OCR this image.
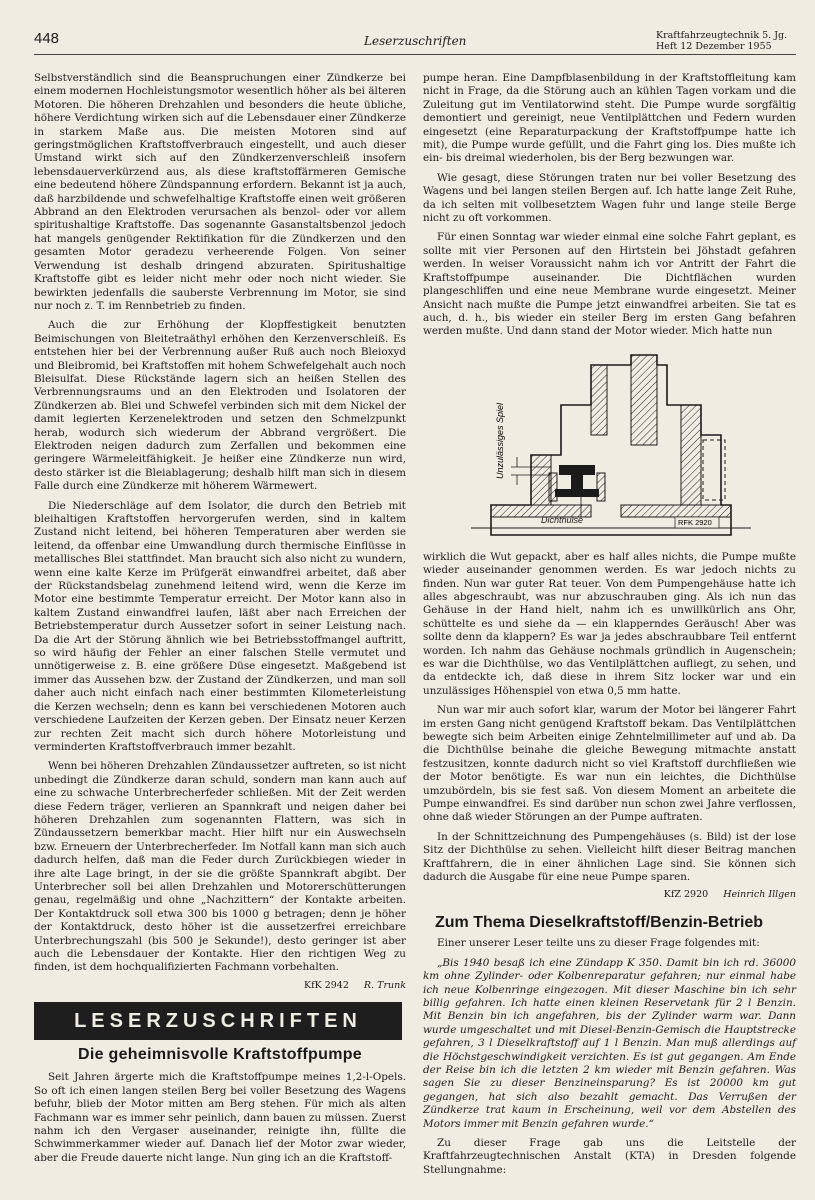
448	Leserzuschriften	Kraftfahrzeugtechnik 5. Jg.
Heft 12 Dezember 1955

Selbstverständlich sind die Beanspruchungen einer Zündkerze bei einem modernen Hochleistungsmotor wesentlich höher als bei älteren Motoren. Die höheren Drehzahlen und besonders die heute übliche, höhere Verdichtung wirken sich auf die Lebensdauer einer Zündkerze in starkem Maße aus. Die meisten Motoren sind auf geringstmöglichen Kraftstoffverbrauch eingestellt, und auch dieser Umstand wirkt sich auf den Zündkerzenverschleiß insofern lebensdauerverkürzend aus, als diese kraftstoffärmeren Gemische eine bedeutend höhere Zündspannung erfordern. Bekannt ist ja auch, daß harzbildende und schwefelhaltige Kraftstoffe einen weit größeren Abbrand an den Elektroden verursachen als benzol- oder vor allem spiritushaltige Kraftstoffe. Das sogenannte Gasanstaltsbenzol jedoch hat mangels genügender Rektifikation für die Zündkerzen und den gesamten Motor geradezu verheerende Folgen. Von seiner Verwendung ist deshalb dringend abzuraten. Spiritushaltige Kraftstoffe gibt es leider nicht mehr oder noch nicht wieder. Sie bewirkten jedenfalls die sauberste Verbrennung im Motor, sie sind nur noch z. T. im Rennbetrieb zu finden.

Auch die zur Erhöhung der Klopffestigkeit benutzten Beimischungen von Bleitetraäthyl erhöhen den Kerzenverschleiß. Es entstehen hier bei der Verbrennung außer Ruß auch noch Bleioxyd und Bleibromid, bei Kraftstoffen mit hohem Schwefelgehalt auch noch Bleisulfat. Diese Rückstände lagern sich an heißen Stellen des Verbrennungsraums und an den Elektroden und Isolatoren der Zündkerzen ab. Blei und Schwefel verbinden sich mit dem Nickel der damit legierten Kerzenelektroden und setzen den Schmelzpunkt herab, wodurch sich wiederum der Abbrand vergrößert. Die Elektroden neigen dadurch zum Zerfallen und bekommen eine geringere Wärmeleitfähigkeit. Je heißer eine Zündkerze nun wird, desto stärker ist die Bleiablagerung; deshalb hilft man sich in diesem Falle durch eine Zündkerze mit höherem Wärmewert.

Die Niederschläge auf dem Isolator, die durch den Betrieb mit bleihaltigen Kraftstoffen hervorgerufen werden, sind in kaltem Zustand nicht leitend, bei höheren Temperaturen aber werden sie leitend, da offenbar eine Umwandlung durch thermische Einflüsse in metallisches Blei stattfindet. Man braucht sich also nicht zu wundern, wenn eine kalte Kerze im Prüfgerät einwandfrei arbeitet, daß aber der Rückstandsbelag zunehmend leitend wird, wenn die Kerze im Motor eine bestimmte Temperatur erreicht. Der Motor kann also in kaltem Zustand einwandfrei laufen, läßt aber nach Erreichen der Betriebstemperatur durch Aussetzer sofort in seiner Leistung nach. Da die Art der Störung ähnlich wie bei Betriebsstoffmangel auftritt, so wird häufig der Fehler an einer falschen Stelle vermutet und unnötigerweise z. B. eine größere Düse eingesetzt. Maßgebend ist immer das Aussehen bzw. der Zustand der Zündkerzen, und man soll daher auch nicht einfach nach einer bestimmten Kilometerleistung die Kerzen wechseln; denn es kann bei verschiedenen Motoren auch verschiedene Laufzeiten der Kerzen geben. Der Einsatz neuer Kerzen zur rechten Zeit macht sich durch höhere Motorleistung und verminderten Kraftstoffverbrauch immer bezahlt.

Wenn bei höheren Drehzahlen Zündaussetzer auftreten, so ist nicht unbedingt die Zündkerze daran schuld, sondern man kann auch auf eine zu schwache Unterbrecherfeder schließen. Mit der Zeit werden diese Federn träger, verlieren an Spannkraft und neigen daher bei höheren Drehzahlen zum sogenannten Flattern, was sich in Zündaussetzern bemerkbar macht. Hier hilft nur ein Auswechseln bzw. Erneuern der Unterbrecherfeder. Im Notfall kann man sich auch dadurch helfen, daß man die Feder durch Zurückbiegen wieder in ihre alte Lage bringt, in der sie die größte Spannkraft abgibt. Der Unterbrecher soll bei allen Drehzahlen und Motorerschütterungen genau, regelmäßig und ohne „Nachzittern“ der Kontakte arbeiten. Der Kontaktdruck soll etwa 300 bis 1000 g betragen; denn je höher der Kontaktdruck, desto höher ist die aussetzerfrei erreichbare Unterbrechungszahl (bis 500 je Sekunde!), desto geringer ist aber auch die Lebensdauer der Kontakte. Hier den richtigen Weg zu finden, ist dem hochqualifizierten Fachmann vorbehalten.

KfK 2942 R. Trunk
LESERZUSCHRIFTEN
Die geheimnisvolle Kraftstoffpumpe

Seit Jahren ärgerte mich die Kraftstoffpumpe meines 1,2-l-Opels. So oft ich einen langen steilen Berg bei voller Besetzung des Wagens befuhr, blieb der Motor mitten am Berg stehen. Für mich als alten Fachmann war es immer sehr peinlich, dann bauen zu müssen. Zuerst nahm ich den Vergaser auseinander, reinigte ihn, füllte die Schwimmerkammer wieder auf. Danach lief der Motor zwar wieder, aber die Freude dauerte nicht lange. Nun ging ich an die Kraftstoff-

pumpe heran. Eine Dampfblasenbildung in der Kraftstoffleitung kam nicht in Frage, da die Störung auch an kühlen Tagen vorkam und die Zuleitung gut im Ventilatorwind steht. Die Pumpe wurde sorgfältig demontiert und gereinigt, neue Ventilplättchen und Federn wurden eingesetzt (eine Reparaturpackung der Kraftstoffpumpe hatte ich mit), die Pumpe wurde gefüllt, und die Fahrt ging los. Dies mußte ich ein- bis dreimal wiederholen, bis der Berg bezwungen war.

Wie gesagt, diese Störungen traten nur bei voller Besetzung des Wagens und bei langen steilen Bergen auf. Ich hatte lange Zeit Ruhe, da ich selten mit vollbesetztem Wagen fuhr und lange steile Berge nicht zu oft vorkommen.

Für einen Sonntag war wieder einmal eine solche Fahrt geplant, es sollte mit vier Personen auf den Hirtstein bei Jöhstadt gefahren werden. In weiser Voraussicht nahm ich vor Antritt der Fahrt die Kraftstoffpumpe auseinander. Die Dichtflächen wurden plangeschliffen und eine neue Membrane wurde eingesetzt. Meiner Ansicht nach mußte die Pumpe jetzt einwandfrei arbeiten. Sie tat es auch, d. h., bis wieder ein steiler Berg im ersten Gang befahren werden mußte. Und dann stand der Motor wieder. Mich hatte nun

Unzulässiges Spiel
Dichthülse	RFK 2920

wirklich die Wut gepackt, aber es half alles nichts, die Pumpe mußte wieder auseinander genommen werden. Es war jedoch nichts zu finden. Nun war guter Rat teuer. Von dem Pumpengehäuse hatte ich alles abgeschraubt, was nur abzuschrauben ging. Als ich nun das Gehäuse in der Hand hielt, nahm ich es unwillkürlich ans Ohr, schüttelte es und siehe da — ein klapperndes Geräusch! Aber was sollte denn da klappern? Es war ja jedes abschraubbare Teil entfernt worden. Ich nahm das Gehäuse nochmals gründlich in Augenschein; es war die Dichthülse, wo das Ventilplättchen aufliegt, zu sehen, und da entdeckte ich, daß diese in ihrem Sitz locker war und ein unzulässiges Höhenspiel von etwa 0,5 mm hatte.

Nun war mir auch sofort klar, warum der Motor bei längerer Fahrt im ersten Gang nicht genügend Kraftstoff bekam. Das Ventilplättchen bewegte sich beim Arbeiten einige Zehntelmillimeter auf und ab. Da die Dichthülse beinahe die gleiche Bewegung mitmachte anstatt festzusitzen, konnte dadurch nicht so viel Kraftstoff durchfließen wie der Motor benötigte. Es war nun ein leichtes, die Dichthülse umzubördeln, bis sie fest saß. Von diesem Moment an arbeitete die Pumpe einwandfrei. Es sind darüber nun schon zwei Jahre verflossen, ohne daß wieder Störungen an der Pumpe auftraten.

In der Schnittzeichnung des Pumpengehäuses (s. Bild) ist der lose Sitz der Dichthülse zu sehen. Vielleicht hilft dieser Beitrag manchen Kraftfahrern, die in einer ähnlichen Lage sind. Sie können sich dadurch die Ausgabe für eine neue Pumpe sparen.

KfZ 2920 Heinrich Illgen
Zum Thema Dieselkraftstoff/Benzin-Betrieb

Einer unserer Leser teilte uns zu dieser Frage folgendes mit:

„Bis 1940 besaß ich eine Zündapp K 350. Damit bin ich rd. 36000 km ohne Zylinder- oder Kolbenreparatur gefahren; nur einmal habe ich neue Kolbenringe eingezogen. Mit dieser Maschine bin ich sehr billig gefahren. Ich hatte einen kleinen Reservetank für 2 l Benzin. Mit Benzin bin ich angefahren, bis der Zylinder warm war. Dann wurde umgeschaltet und mit Diesel-Benzin-Gemisch die Hauptstrecke gefahren, 3 l Dieselkraftstoff auf 1 l Benzin. Man muß allerdings auf die Höchstgeschwindigkeit verzichten. Es ist gut gegangen. Am Ende der Reise bin ich die letzten 2 km wieder mit Benzin gefahren. Was sagen Sie zu dieser Benzineinsparung? Es ist 20000 km gut gegangen, hat sich also bezahlt gemacht. Das Verrußen der Zündkerze trat kaum in Erscheinung, weil vor dem Abstellen des Motors immer mit Benzin gefahren wurde.“

Zu dieser Frage gab uns die Leitstelle der Kraftfahrzeugtechnischen Anstalt (KTA) in Dresden folgende Stellungnahme:
